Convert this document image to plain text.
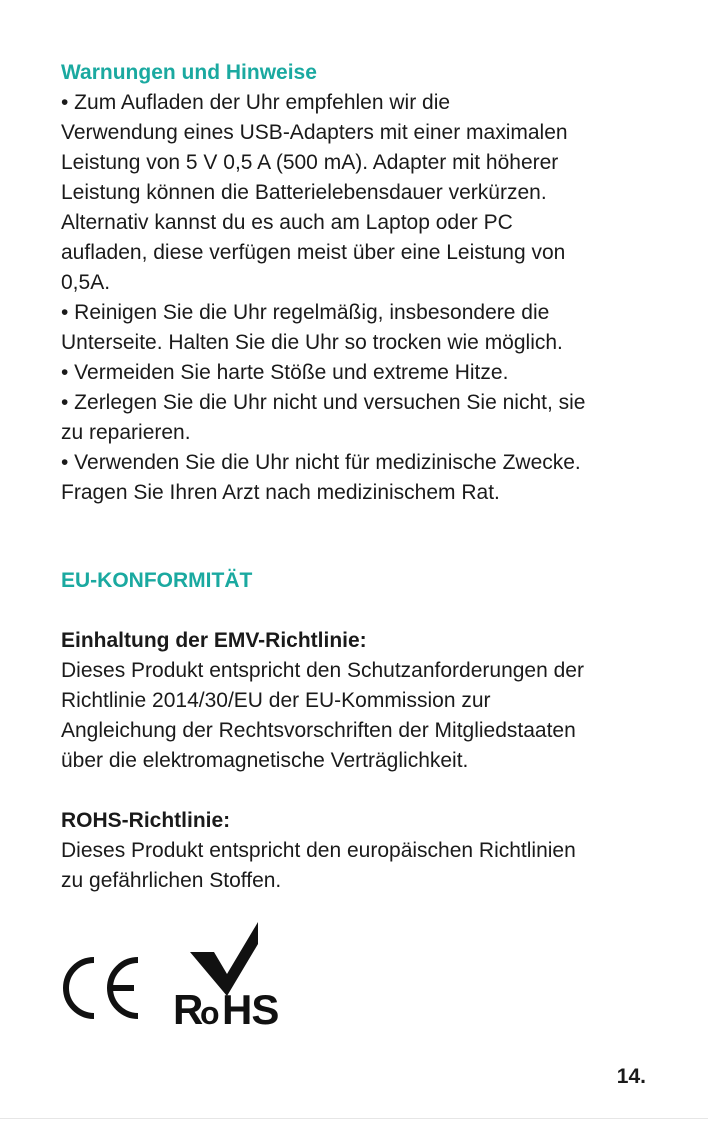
Warnungen und Hinweise
• Zum Aufladen der Uhr empfehlen wir die
Verwendung eines USB-Adapters mit einer maximalen
Leistung von 5 V 0,5 A (500 mA). Adapter mit höherer
Leistung können die Batterielebensdauer verkürzen.
Alternativ kannst du es auch am Laptop oder PC
aufladen, diese verfügen meist über eine Leistung von
0,5A.
• Reinigen Sie die Uhr regelmäßig, insbesondere die
Unterseite. Halten Sie die Uhr so trocken wie möglich.
• Vermeiden Sie harte Stöße und extreme Hitze.
• Zerlegen Sie die Uhr nicht und versuchen Sie nicht, sie
zu reparieren.
• Verwenden Sie die Uhr nicht für medizinische Zwecke.
Fragen Sie Ihren Arzt nach medizinischem Rat.
EU-KONFORMITÄT
Einhaltung der EMV-Richtlinie:
Dieses Produkt entspricht den Schutzanforderungen der
Richtlinie 2014/30/EU der EU-Kommission zur
Angleichung der Rechtsvorschriften der Mitgliedstaaten
über die elektromagnetische Verträglichkeit.
ROHS-Richtlinie:
Dieses Produkt entspricht den europäischen Richtlinien
zu gefährlichen Stoffen.
R
o HS
14.
